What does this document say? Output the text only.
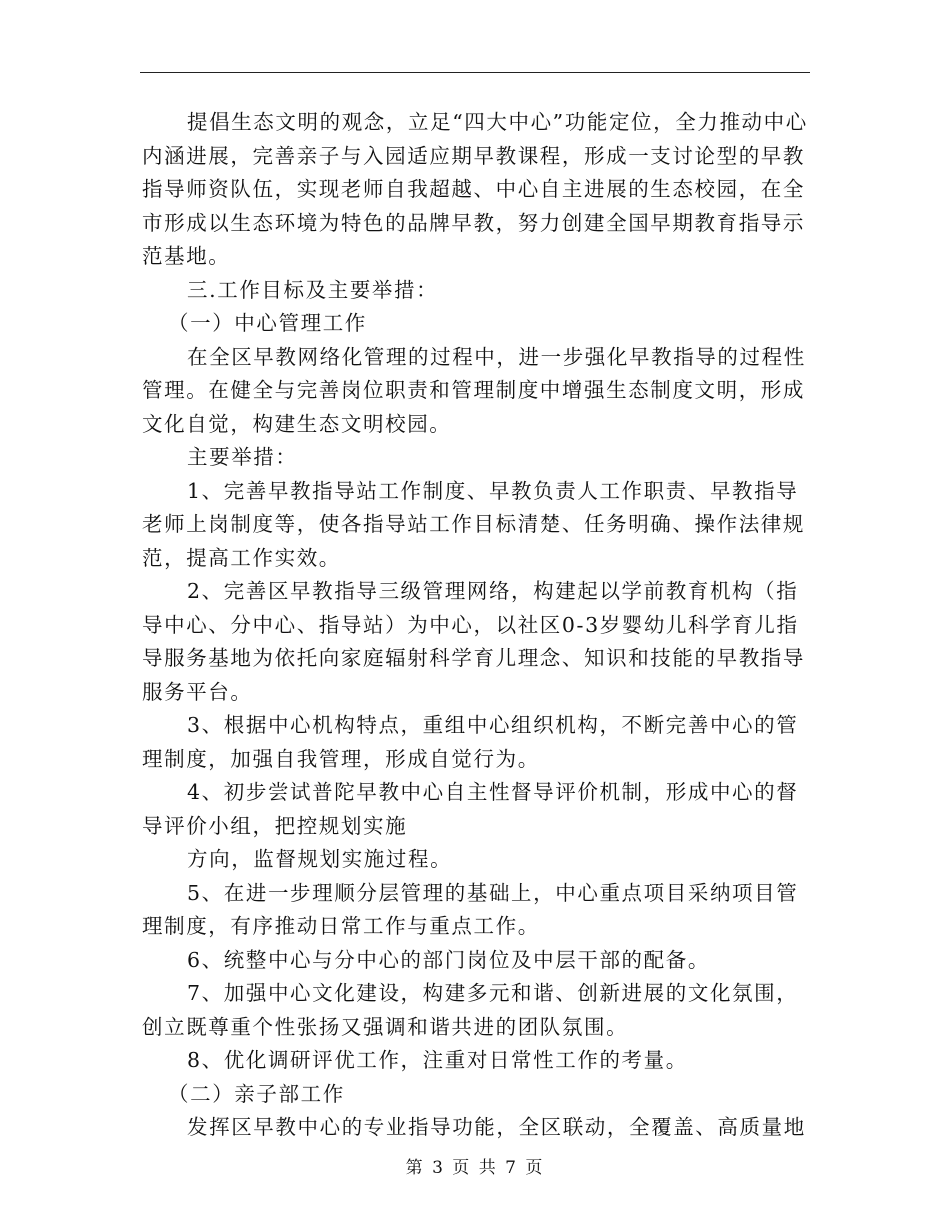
提倡生态文明的观念，立足“四大中心”功能定位，全力推动中心内涵进展，完善亲子与入园适应期早教课程，形成一支讨论型的早教指导师资队伍，实现老师自我超越、中心自主进展的生态校园，在全市形成以生态环境为特色的品牌早教，努力创建全国早期教育指导示范基地。

三.工作目标及主要举措：

（一）中心管理工作

在全区早教网络化管理的过程中，进一步强化早教指导的过程性管理。在健全与完善岗位职责和管理制度中增强生态制度文明，形成文化自觉，构建生态文明校园。

主要举措：

1、完善早教指导站工作制度、早教负责人工作职责、早教指导老师上岗制度等，使各指导站工作目标清楚、任务明确、操作法律规范，提高工作实效。

2、完善区早教指导三级管理网络，构建起以学前教育机构（指导中心、分中心、指导站）为中心，以社区0-3岁婴幼儿科学育儿指导服务基地为依托向家庭辐射科学育儿理念、知识和技能的早教指导服务平台。

3、根据中心机构特点，重组中心组织机构，不断完善中心的管理制度，加强自我管理，形成自觉行为。

4、初步尝试普陀早教中心自主性督导评价机制，形成中心的督导评价小组，把控规划实施

方向，监督规划实施过程。

5、在进一步理顺分层管理的基础上，中心重点项目采纳项目管理制度，有序推动日常工作与重点工作。

6、统整中心与分中心的部门岗位及中层干部的配备。

7、加强中心文化建设，构建多元和谐、创新进展的文化氛围，创立既尊重个性张扬又强调和谐共进的团队氛围。

8、优化调研评优工作，注重对日常性工作的考量。

（二）亲子部工作

发挥区早教中心的专业指导功能，全区联动，全覆盖、高质量地

第 3 页 共 7 页
